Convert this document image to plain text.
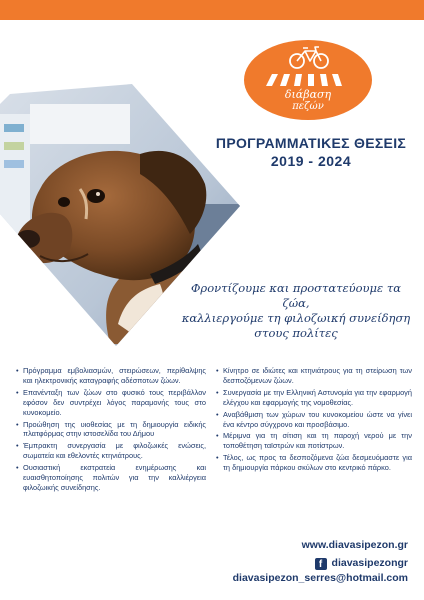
διάβαση
πεζών
ΠΡΟΓΡΑΜΜΑΤΙΚΕΣ ΘΕΣΕΙΣ
2019 - 2024
Φροντίζουμε και προστατεύουμε τα ζώα,
καλλιεργούμε τη φιλοζωική συνείδηση
στους πολίτες
• Πρόγραμμα εμβολιασμών, στειρώσεων, περίθαλψης και ηλεκτρονικής καταγραφής αδέσποτων ζώων.
• Επανένταξη των ζώων στο φυσικό τους περιβάλλον εφόσον δεν συντρέχει λόγος παραμονής τους στο κυνοκομείο.
• Προώθηση της υιοθεσίας με τη δημιουργία ειδικής πλατφόρμας στην ιστοσελίδα του Δήμου
• Έμπρακτη συνεργασία με φιλοζωικές ενώσεις, σωματεία και εθελοντές κτηνιάτρους.
• Ουσιαστική εκστρατεία ενημέρωσης και ευαισθητοποίησης πολιτών για την καλλιέργεια φιλοζωικής συνείδησης.
• Κίνητρο σε ιδιώτες και κτηνιάτρους για τη στείρωση των δεσποζόμενων ζώων.
• Συνεργασία με την Ελληνική Αστυνομία για την εφαρμογή ελέγχου και εφαρμογής της νομοθεσίας.
• Αναβάθμιση των χώρων του κυνοκομείου ώστε να γίνει ένα κέντρο σύγχρονο και προσβάσιμο.
• Μέριμνα για τη σίτιση και τη παροχή νερού με την τοποθέτηση ταϊστρών και ποτίστρων.
• Τέλος, ως προς τα δεσποζόμενα ζώα δεσμευόμαστε για τη δημιουργία πάρκου σκύλων στο κεντρικό πάρκο.
www.diavasipezon.gr
f diavasipezongr
diavasipezon_serres@hotmail.com
